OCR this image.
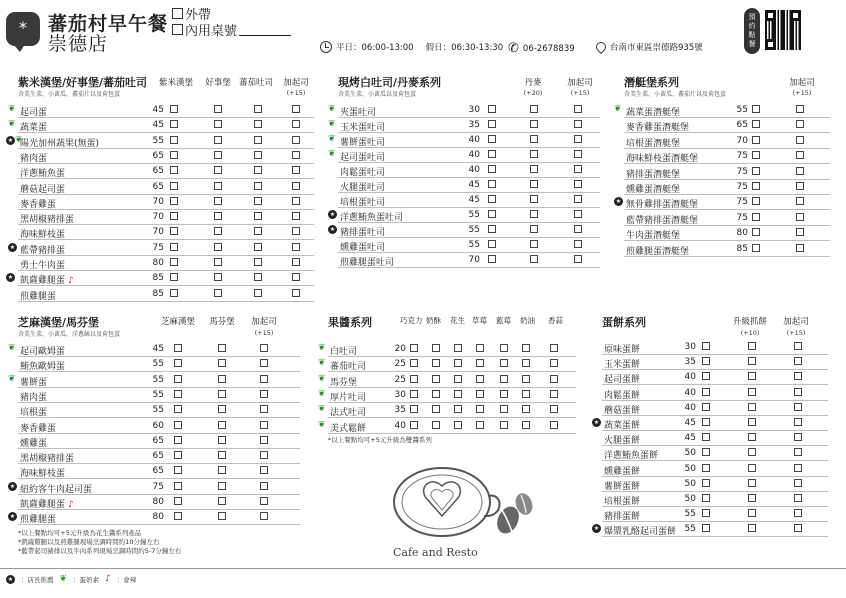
*	蕃茄村早午餐
崇德店
外帶
內用桌號
平日：06:00-13:00 假日：06:30-13:30 ✆ 06-2678839	台南市東區崇德路935號	預約點餐
紫米漢堡/好事堡/蕃茄吐司
含美生菜、小黃瓜、蕃茄片以及荷包蛋
紫米漢堡	好事堡 蕃茄吐司	加起司
(+15)
❦ 起司蛋	45
❦ 蔬菜蛋	45
★ ❦
陽光加州蔬果(無蛋)	55
豬肉蛋	65
洋蔥鮪魚蛋	65
蘑菇起司蛋	65
麥香雞蛋	70
黑胡椒豬排蛋	70
海味鮮枝蛋	70
★ 藍帶豬排蛋	75
勇士牛肉蛋	80
★ 凱薩雞腿蛋 ♪	85
煎雞腿蛋	85
現烤白吐司/丹麥系列
含美生菜、小黃瓜以及荷包蛋
丹麥	加起司
(+20)	(+15)
❦ 夾蛋吐司	30
❦ 玉米蛋吐司	35
❦ 薯餅蛋吐司	40
❦ 起司蛋吐司	40
肉鬆蛋吐司	40
火腿蛋吐司	45
培根蛋吐司	45
★ 洋蔥鮪魚蛋吐司	55
★ 豬排蛋吐司	55
燻雞蛋吐司	55
煎雞腿蛋吐司	70
潛艇堡系列
含美生菜、小黃瓜、蕃茄片以及荷包蛋
加起司
(+15)
❦ 蔬菜蛋潛艇堡	55
麥香雞蛋潛艇堡	65
培根蛋潛艇堡	70
海味鮮枝蛋潛艇堡	75
豬排蛋潛艇堡	75
燻雞蛋潛艇堡	75
★ 無骨雞排蛋潛艇堡	75
藍帶豬排蛋潛艇堡	75
牛肉蛋潛艇堡	80
煎雞腿蛋潛艇堡	85
芝麻漢堡/馬芬堡
含美生菜、小黃瓜、洋蔥絲以及荷包蛋
芝麻漢堡	馬芬堡	加起司
(+15)
❦ 起司歐姆蛋	45
鮪魚歐姆蛋	55
❦ 薯餅蛋	55
豬肉蛋	55
培根蛋	55
麥香雞蛋	60
燻雞蛋	65
黑胡椒豬排蛋	65
海味鮮枝蛋	65
★ 紐約客牛肉起司蛋	75
凱薩雞腿蛋 ♪	80
★ 煎雞腿蛋	80
*以上餐點均可+5元升級為花生醬系列產品
*凱薩雞腿以及煎雞腿現場烹調時間約10分鐘左右
*藍帶起司豬排以及牛肉系列現場烹調時間約5-7分鐘左右
果醬系列	巧克力 奶酥 花生 草莓 藍莓 奶油 香蒜
❦ 白吐司	20
❦ 蕃茄吐司	25
❦ 馬芬堡	25
❦ 厚片吐司	30
❦ 法式吐司	35
❦ 美式鬆餅	40
*以上餐點均可+5元升級為雙醬系列
Cafe and Resto
蛋餅系列	升級抓餅	加起司
(+10)	(+15)
原味蛋餅	30
玉米蛋餅	35
起司蛋餅	40
肉鬆蛋餅	40
蘑菇蛋餅	40
★ 蔬菜蛋餅	45
火腿蛋餅	45
洋蔥鮪魚蛋餅	50
燻雞蛋餅	50
薯餅蛋餅	50
培根蛋餅	50
豬排蛋餅	55
★ 爆漿乳酪起司蛋餅 55
★ ：店長推薦 ❦ ：蛋奶素 ♪ ：會辣
